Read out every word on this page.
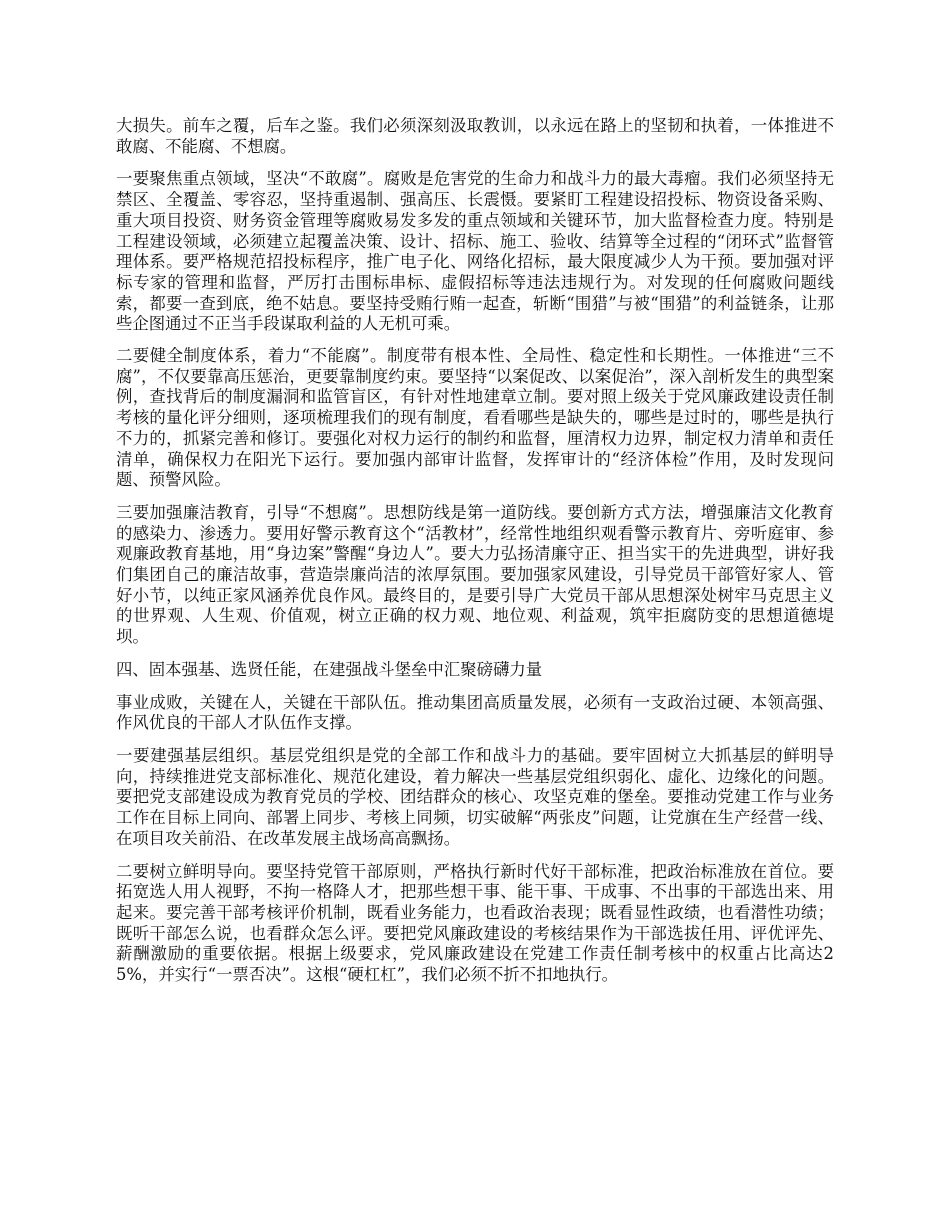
大损失。前车之覆，后车之鉴。我们必须深刻汲取教训，以永远在路上的坚韧和执着，一体推进不敢腐、不能腐、不想腐。

一要聚焦重点领域，坚决“不敢腐”。腐败是危害党的生命力和战斗力的最大毒瘤。我们必须坚持无禁区、全覆盖、零容忍，坚持重遏制、强高压、长震慑。要紧盯工程建设招投标、物资设备采购、重大项目投资、财务资金管理等腐败易发多发的重点领域和关键环节，加大监督检查力度。特别是工程建设领域，必须建立起覆盖决策、设计、招标、施工、验收、结算等全过程的“闭环式”监督管理体系。要严格规范招投标程序，推广电子化、网络化招标，最大限度减少人为干预。要加强对评标专家的管理和监督，严厉打击围标串标、虚假招标等违法违规行为。对发现的任何腐败问题线索，都要一查到底，绝不姑息。要坚持受贿行贿一起查，斩断“围猎”与被“围猎”的利益链条，让那些企图通过不正当手段谋取利益的人无机可乘。

二要健全制度体系，着力“不能腐”。制度带有根本性、全局性、稳定性和长期性。一体推进“三不腐”，不仅要靠高压惩治，更要靠制度约束。要坚持“以案促改、以案促治”，深入剖析发生的典型案例，查找背后的制度漏洞和监管盲区，有针对性地建章立制。要对照上级关于党风廉政建设责任制考核的量化评分细则，逐项梳理我们的现有制度，看看哪些是缺失的，哪些是过时的，哪些是执行不力的，抓紧完善和修订。要强化对权力运行的制约和监督，厘清权力边界，制定权力清单和责任清单，确保权力在阳光下运行。要加强内部审计监督，发挥审计的“经济体检”作用，及时发现问题、预警风险。

三要加强廉洁教育，引导“不想腐”。思想防线是第一道防线。要创新方式方法，增强廉洁文化教育的感染力、渗透力。要用好警示教育这个“活教材”，经常性地组织观看警示教育片、旁听庭审、参观廉政教育基地，用“身边案”警醒“身边人”。要大力弘扬清廉守正、担当实干的先进典型，讲好我们集团自己的廉洁故事，营造崇廉尚洁的浓厚氛围。要加强家风建设，引导党员干部管好家人、管好小节，以纯正家风涵养优良作风。最终目的，是要引导广大党员干部从思想深处树牢马克思主义的世界观、人生观、价值观，树立正确的权力观、地位观、利益观，筑牢拒腐防变的思想道德堤坝。

四、固本强基、选贤任能，在建强战斗堡垒中汇聚磅礴力量

事业成败，关键在人，关键在干部队伍。推动集团高质量发展，必须有一支政治过硬、本领高强、作风优良的干部人才队伍作支撑。

一要建强基层组织。基层党组织是党的全部工作和战斗力的基础。要牢固树立大抓基层的鲜明导向，持续推进党支部标准化、规范化建设，着力解决一些基层党组织弱化、虚化、边缘化的问题。要把党支部建设成为教育党员的学校、团结群众的核心、攻坚克难的堡垒。要推动党建工作与业务工作在目标上同向、部署上同步、考核上同频，切实破解“两张皮”问题，让党旗在生产经营一线、在项目攻关前沿、在改革发展主战场高高飘扬。

二要树立鲜明导向。要坚持党管干部原则，严格执行新时代好干部标准，把政治标准放在首位。要拓宽选人用人视野，不拘一格降人才，把那些想干事、能干事、干成事、不出事的干部选出来、用起来。要完善干部考核评价机制，既看业务能力，也看政治表现；既看显性政绩，也看潜性功绩；既听干部怎么说，也看群众怎么评。要把党风廉政建设的考核结果作为干部选拔任用、评优评先、薪酬激励的重要依据。根据上级要求，党风廉政建设在党建工作责任制考核中的权重占比高达25%，并实行“一票否决”。这根“硬杠杠”，我们必须不折不扣地执行。
